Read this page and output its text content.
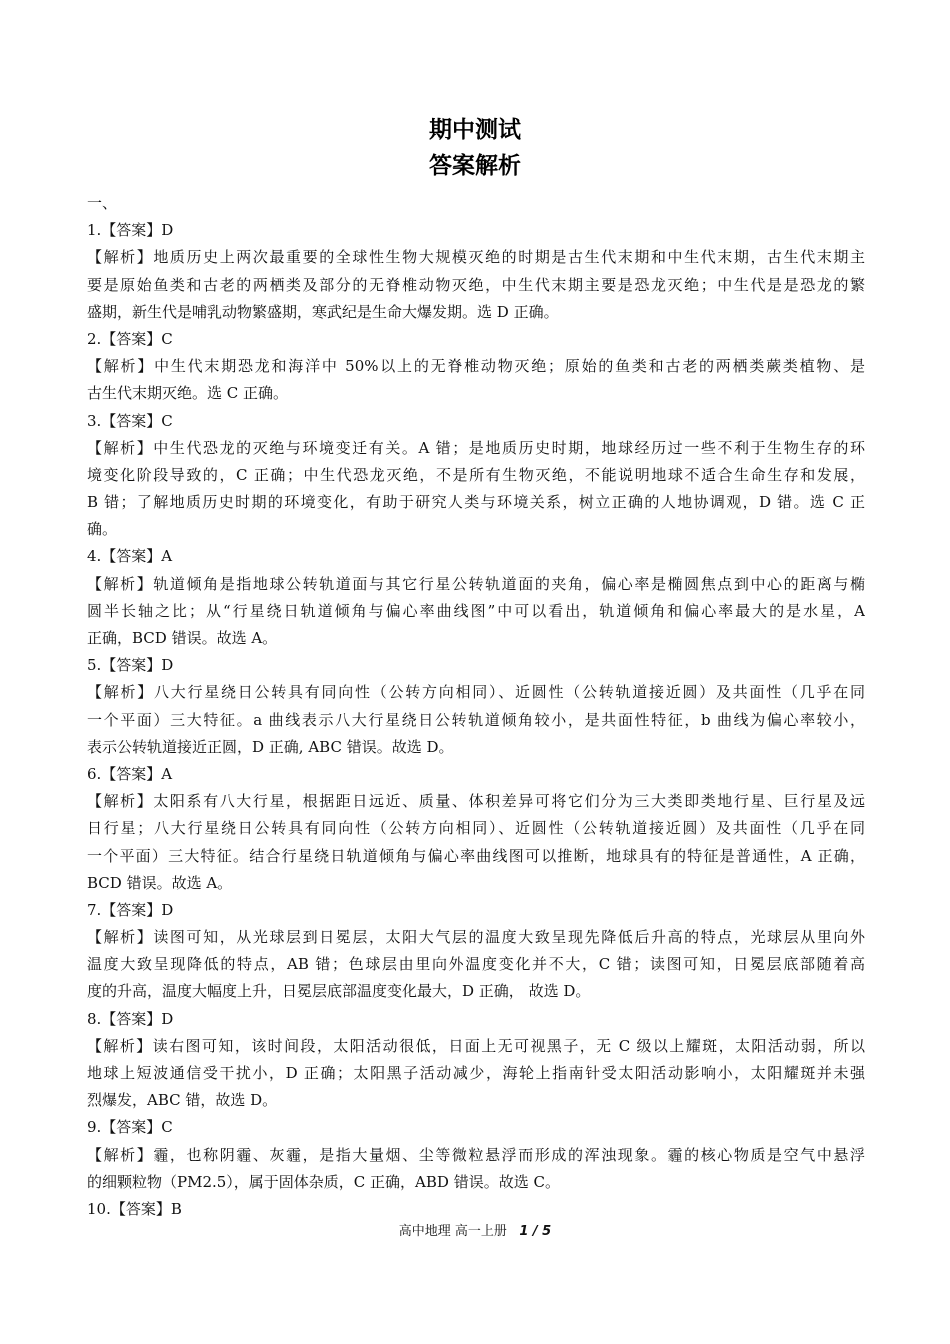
期中测试
答案解析
一、
1.【答案】D
【解析】地质历史上两次最重要的全球性生物大规模灭绝的时期是古生代末期和中生代末期，古生代末期主
要是原始鱼类和古老的两栖类及部分的无脊椎动物灭绝，中生代末期主要是恐龙灭绝；中生代是是恐龙的繁
盛期，新生代是哺乳动物繁盛期，寒武纪是生命大爆发期。选 D 正确。
2.【答案】C
【解析】中生代末期恐龙和海洋中 50%以上的无脊椎动物灭绝；原始的鱼类和古老的两栖类蕨类植物、是
古生代末期灭绝。选 C 正确。
3.【答案】C
【解析】中生代恐龙的灭绝与环境变迁有关。A 错；是地质历史时期，地球经历过一些不利于生物生存的环
境变化阶段导致的，C 正确；中生代恐龙灭绝，不是所有生物灭绝，不能说明地球不适合生命生存和发展，
B 错；了解地质历史时期的环境变化，有助于研究人类与环境关系，树立正确的人地协调观，D 错。选 C 正
确。
4.【答案】A
【解析】轨道倾角是指地球公转轨道面与其它行星公转轨道面的夹角，偏心率是椭圆焦点到中心的距离与椭
圆半长轴之比；从“行星绕日轨道倾角与偏心率曲线图”中可以看出，轨道倾角和偏心率最大的是水星，A
正确，BCD 错误。故选 A。
5.【答案】D
【解析】八大行星绕日公转具有同向性（公转方向相同）、近圆性（公转轨道接近圆）及共面性（几乎在同
一个平面）三大特征。a 曲线表示八大行星绕日公转轨道倾角较小，是共面性特征，b 曲线为偏心率较小，
表示公转轨道接近正圆，D 正确, ABC 错误。故选 D。
6.【答案】A
【解析】太阳系有八大行星，根据距日远近、质量、体积差异可将它们分为三大类即类地行星、巨行星及远
日行星；八大行星绕日公转具有同向性（公转方向相同）、近圆性（公转轨道接近圆）及共面性（几乎在同
一个平面）三大特征。结合行星绕日轨道倾角与偏心率曲线图可以推断，地球具有的特征是普通性，A 正确，
BCD 错误。故选 A。
7.【答案】D
【解析】读图可知，从光球层到日冕层，太阳大气层的温度大致呈现先降低后升高的特点，光球层从里向外
温度大致呈现降低的特点，AB 错；色球层由里向外温度变化并不大，C 错；读图可知，日冕层底部随着高
度的升高，温度大幅度上升，日冕层底部温度变化最大，D 正确， 故选 D。
8.【答案】D
【解析】读右图可知，该时间段，太阳活动很低，日面上无可视黑子，无 C 级以上耀斑，太阳活动弱，所以
地球上短波通信受干扰小，D 正确；太阳黑子活动减少，海轮上指南针受太阳活动影响小，太阳耀斑并未强
烈爆发，ABC 错，故选 D。
9.【答案】C
【解析】霾，也称阴霾、灰霾，是指大量烟、尘等微粒悬浮而形成的浑浊现象。霾的核心物质是空气中悬浮
的细颗粒物（PM2.5），属于固体杂质，C 正确，ABD 错误。故选 C。
10.【答案】B
高中地理 高一上册 1 / 5
